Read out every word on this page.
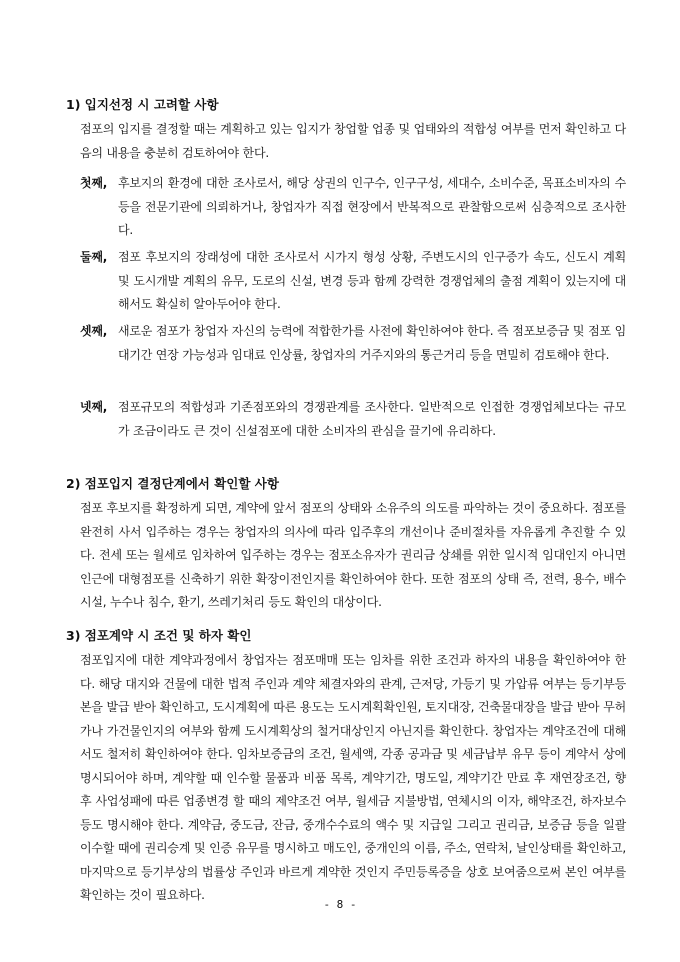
1) 입지선정 시 고려할 사항

점포의 입지를 결정할 때는 계획하고 있는 입지가 창업할 업종 및 업태와의 적합성 여부를 먼저 확인하고 다음의 내용을 충분히 검토하여야 한다.

첫째, 후보지의 환경에 대한 조사로서, 해당 상권의 인구수, 인구구성, 세대수, 소비수준, 목표소비자의 수 등을 전문기관에 의뢰하거나, 창업자가 직접 현장에서 반복적으로 관찰함으로써 심층적으로 조사한다.
둘째, 점포 후보지의 장래성에 대한 조사로서 시가지 형성 상황, 주변도시의 인구증가 속도, 신도시 계획 및 도시개발 계획의 유무, 도로의 신설, 변경 등과 함께 강력한 경쟁업체의 출점 계획이 있는지에 대해서도 확실히 알아두어야 한다.
셋째, 새로운 점포가 창업자 자신의 능력에 적합한가를 사전에 확인하여야 한다. 즉 점포보증금 및 점포 임대기간 연장 가능성과 임대료 인상률, 창업자의 거주지와의 통근거리 등을 면밀히 검토해야 한다.
넷째, 점포규모의 적합성과 기존점포와의 경쟁관계를 조사한다. 일반적으로 인접한 경쟁업체보다는 규모가 조금이라도 큰 것이 신설점포에 대한 소비자의 관심을 끌기에 유리하다.

2) 점포입지 결정단계에서 확인할 사항

점포 후보지를 확정하게 되면, 계약에 앞서 점포의 상태와 소유주의 의도를 파악하는 것이 중요하다. 점포를 완전히 사서 입주하는 경우는 창업자의 의사에 따라 입주후의 개선이나 준비절차를 자유롭게 추진할 수 있다. 전세 또는 월세로 임차하여 입주하는 경우는 점포소유자가 권리금 상쇄를 위한 일시적 임대인지 아니면 인근에 대형점포를 신축하기 위한 확장이전인지를 확인하여야 한다. 또한 점포의 상태 즉, 전력, 용수, 배수시설, 누수나 침수, 환기, 쓰레기처리 등도 확인의 대상이다.

3) 점포계약 시 조건 및 하자 확인

점포입지에 대한 계약과정에서 창업자는 점포매매 또는 임차를 위한 조건과 하자의 내용을 확인하여야 한다. 해당 대지와 건물에 대한 법적 주인과 계약 체결자와의 관계, 근저당, 가등기 및 가압류 여부는 등기부등본을 발급 받아 확인하고, 도시계획에 따른 용도는 도시계획확인원, 토지대장, 건축물대장을 발급 받아 무허가나 가건물인지의 여부와 함께 도시계획상의 철거대상인지 아닌지를 확인한다. 창업자는 계약조건에 대해서도 철저히 확인하여야 한다. 임차보증금의 조건, 월세액, 각종 공과금 및 세금납부 유무 등이 계약서 상에 명시되어야 하며, 계약할 때 인수할 물품과 비품 목록, 계약기간, 명도일, 계약기간 만료 후 재연장조건, 향후 사업성패에 따른 업종변경 할 때의 제약조건 여부, 월세금 지불방법, 연체시의 이자, 해약조건, 하자보수 등도 명시해야 한다. 계약금, 중도금, 잔금, 중개수수료의 액수 및 지급일 그리고 권리금, 보증금 등을 일괄 이수할 때에 권리승계 및 인증 유무를 명시하고 매도인, 중개인의 이름, 주소, 연락처, 날인상태를 확인하고, 마지막으로 등기부상의 법률상 주인과 바르게 계약한 것인지 주민등록증을 상호 보여줌으로써 본인 여부를 확인하는 것이 필요하다.

- 8 -
